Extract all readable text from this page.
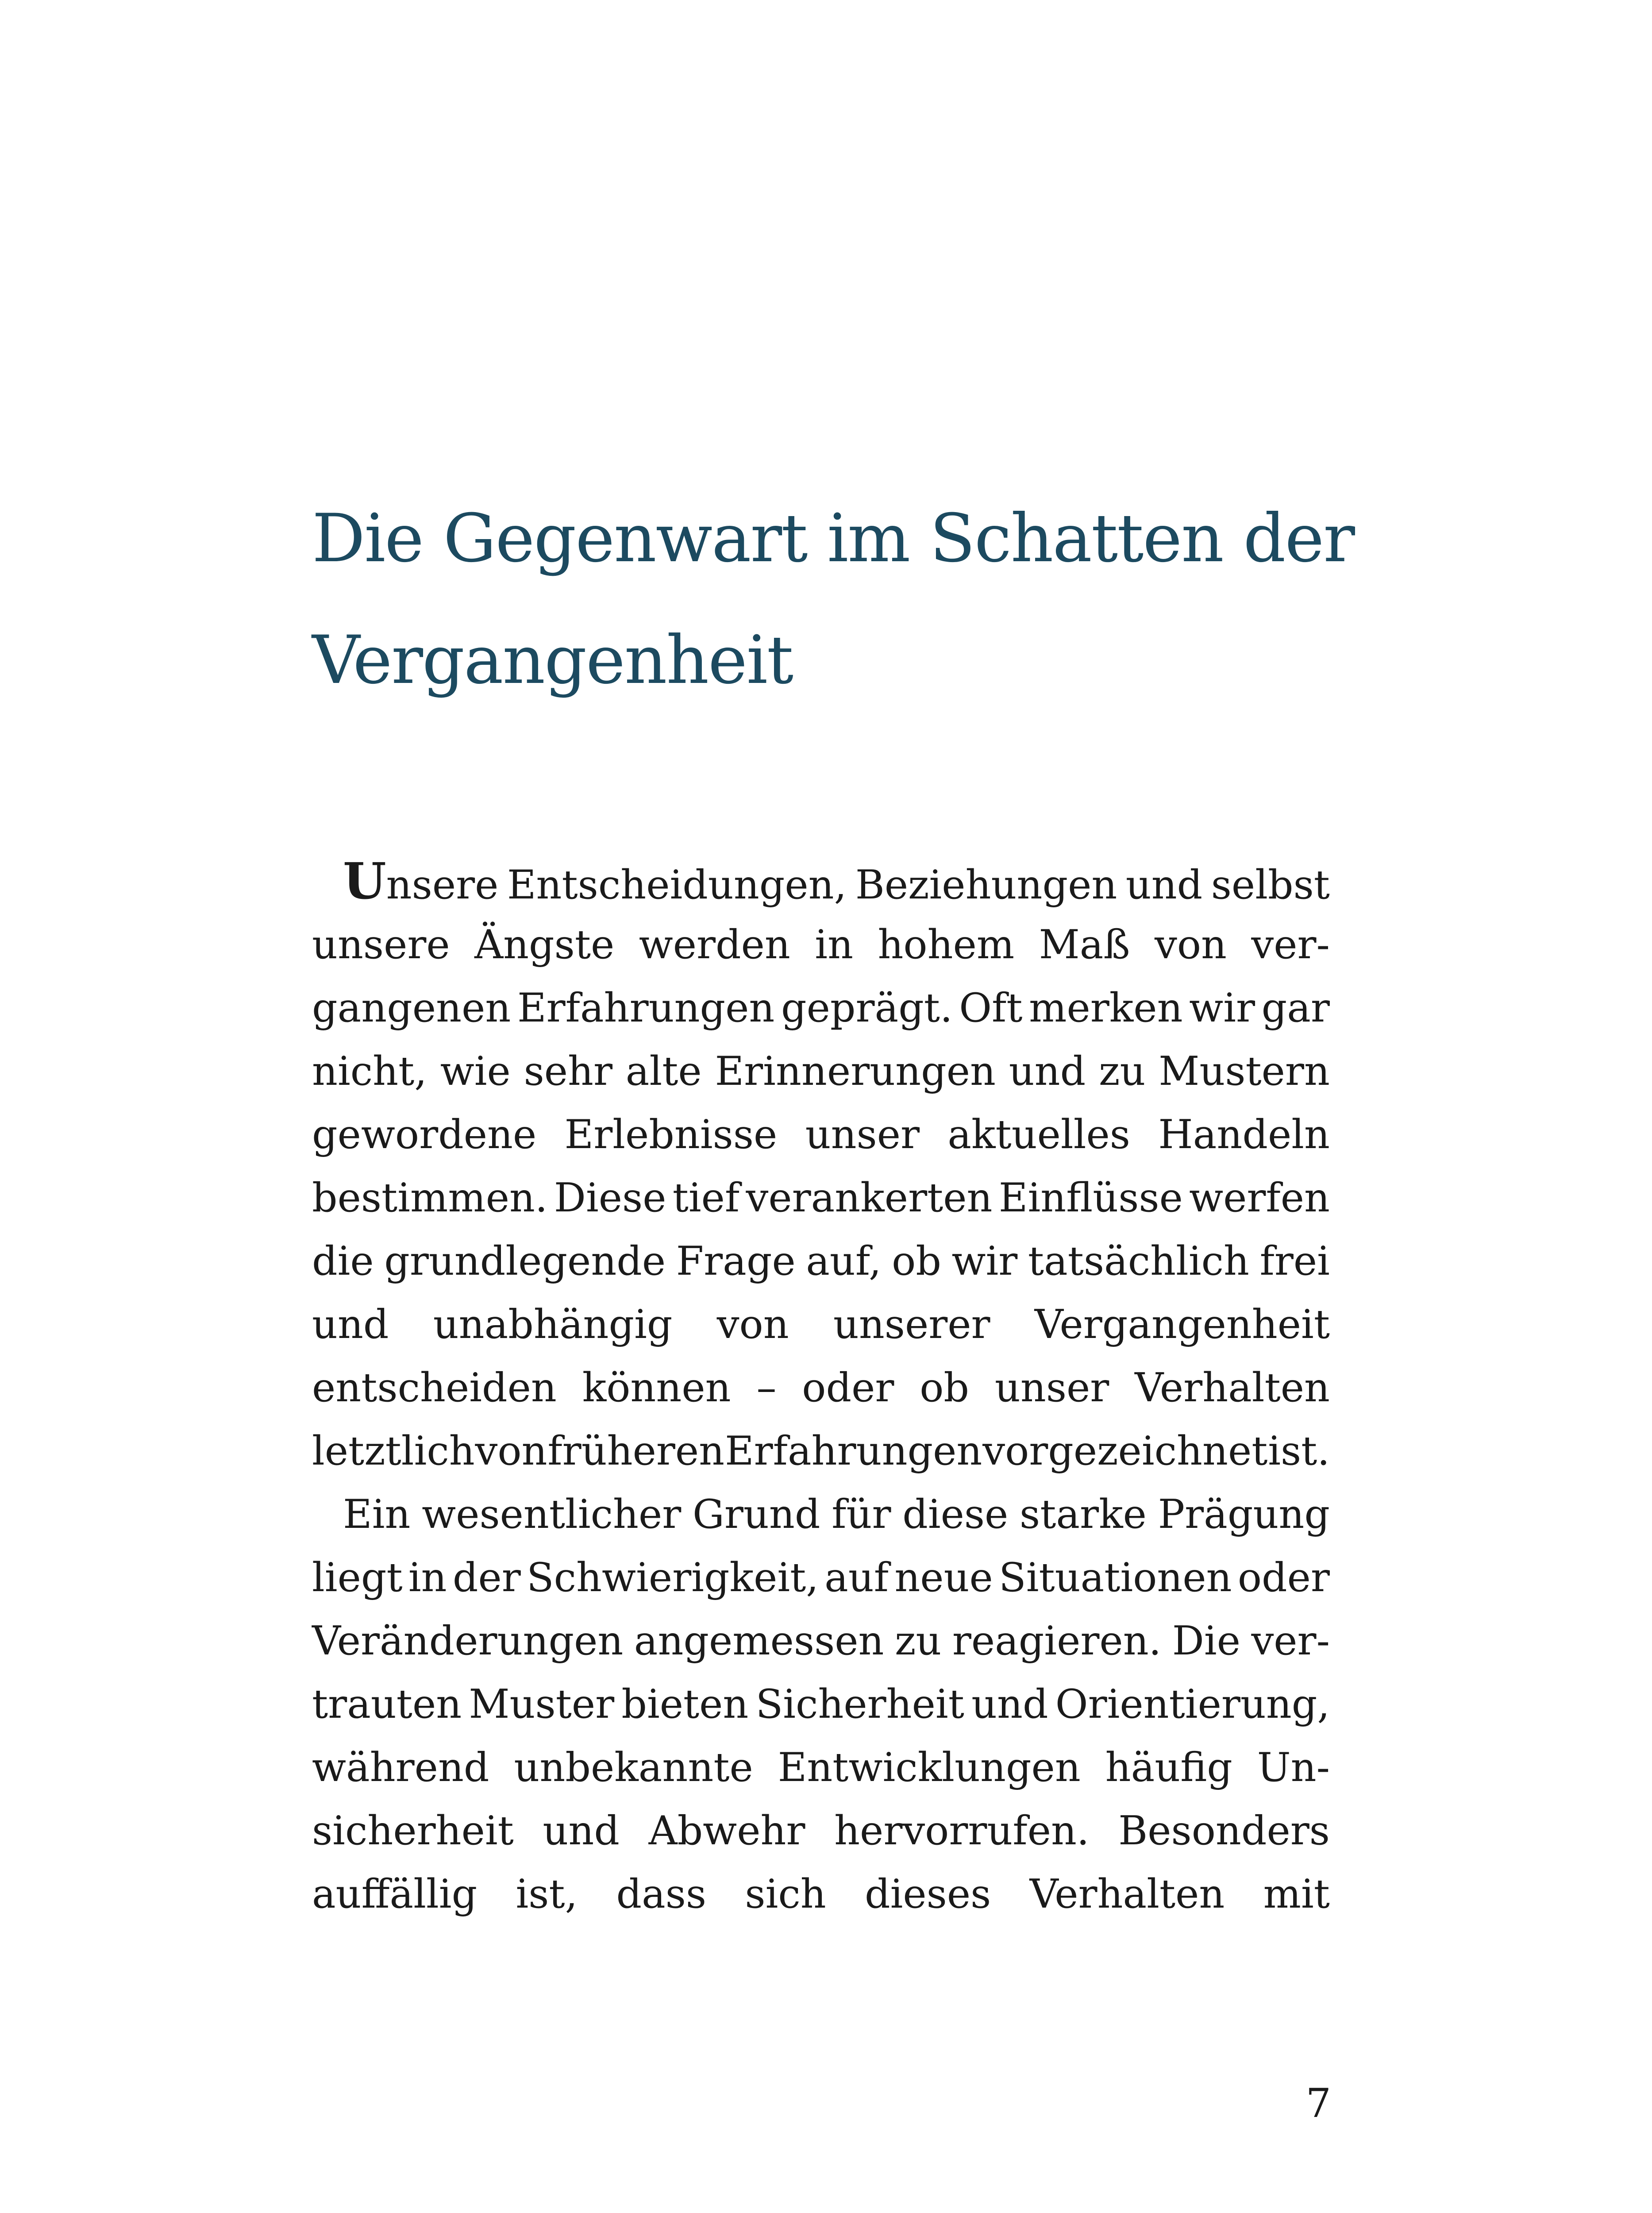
Die Gegenwart im Schatten der
Vergangenheit
Unsere Entscheidungen, Beziehungen und selbst
unsere Ängste werden in hohem Maß von ver-
gangenen Erfahrungen geprägt. Oft merken wir gar
nicht, wie sehr alte Erinnerungen und zu Mustern
gewordene Erlebnisse unser aktuelles Handeln
bestimmen. Diese tief verankerten Einflüsse werfen
die grundlegende Frage auf, ob wir tatsächlich frei
und unabhängig von unserer Vergangenheit
entscheiden können – oder ob unser Verhalten
letztlich von früheren Erfahrungen vorgezeichnet ist.
Ein wesentlicher Grund für diese starke Prägung
liegt in der Schwierigkeit, auf neue Situationen oder
Veränderungen angemessen zu reagieren. Die ver-
trauten Muster bieten Sicherheit und Orientierung,
während unbekannte Entwicklungen häufig Un-
sicherheit und Abwehr hervorrufen. Besonders
auffällig ist, dass sich dieses Verhalten mit
7
